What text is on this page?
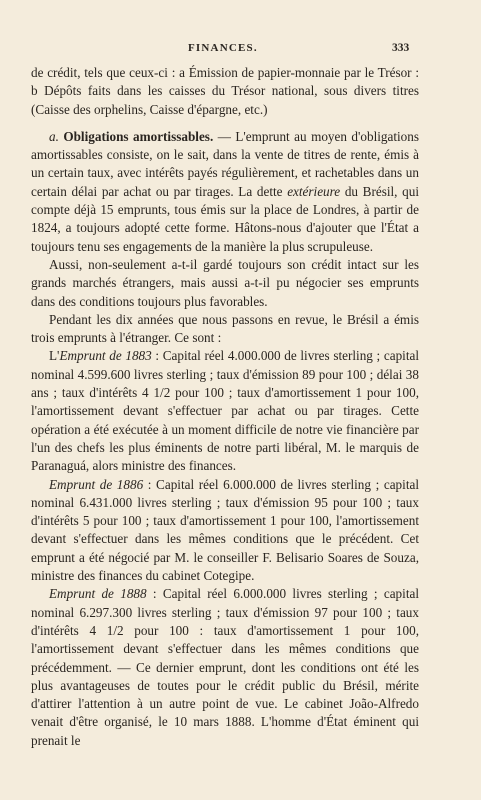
FINANCES.	333

de crédit, tels que ceux-ci : a Émission de papier-monnaie par le Trésor : b Dépôts faits dans les caisses du Trésor national, sous divers titres (Caisse des orphelins, Caisse d'épargne, etc.)

a. Obligations amortissables. — L'emprunt au moyen d'obligations amortissables consiste, on le sait, dans la vente de titres de rente, émis à un certain taux, avec intérêts payés régulièrement, et rachetables dans un certain délai par achat ou par tirages. La dette extérieure du Brésil, qui compte déjà 15 emprunts, tous émis sur la place de Londres, à partir de 1824, a toujours adopté cette forme. Hâtons-nous d'ajouter que l'État a toujours tenu ses engagements de la manière la plus scrupuleuse.

Aussi, non-seulement a-t-il gardé toujours son crédit intact sur les grands marchés étrangers, mais aussi a-t-il pu négocier ses emprunts dans des conditions toujours plus favorables.

Pendant les dix années que nous passons en revue, le Brésil a émis trois emprunts à l'étranger. Ce sont :

L'Emprunt de 1883 : Capital réel 4.000.000 de livres sterling ; capital nominal 4.599.600 livres sterling ; taux d'émission 89 pour 100 ; délai 38 ans ; taux d'intérêts 4 1/2 pour 100 ; taux d'amortissement 1 pour 100, l'amortissement devant s'effectuer par achat ou par tirages. Cette opération a été exécutée à un moment difficile de notre vie financière par l'un des chefs les plus éminents de notre parti libéral, M. le marquis de Paranaguá, alors ministre des finances.

Emprunt de 1886 : Capital réel 6.000.000 de livres sterling ; capital nominal 6.431.000 livres sterling ; taux d'émission 95 pour 100 ; taux d'intérêts 5 pour 100 ; taux d'amortissement 1 pour 100, l'amortissement devant s'effectuer dans les mêmes conditions que le précédent. Cet emprunt a été négocié par M. le conseiller F. Belisario Soares de Souza, ministre des finances du cabinet Cotegipe.

Emprunt de 1888 : Capital réel 6.000.000 livres sterling ; capital nominal 6.297.300 livres sterling ; taux d'émission 97 pour 100 ; taux d'intérêts 4 1/2 pour 100 : taux d'amortissement 1 pour 100, l'amortissement devant s'effectuer dans les mêmes conditions que précédemment. — Ce dernier emprunt, dont les conditions ont été les plus avantageuses de toutes pour le crédit public du Brésil, mérite d'attirer l'attention à un autre point de vue. Le cabinet João-Alfredo venait d'être organisé, le 10 mars 1888. L'homme d'État éminent qui prenait le
